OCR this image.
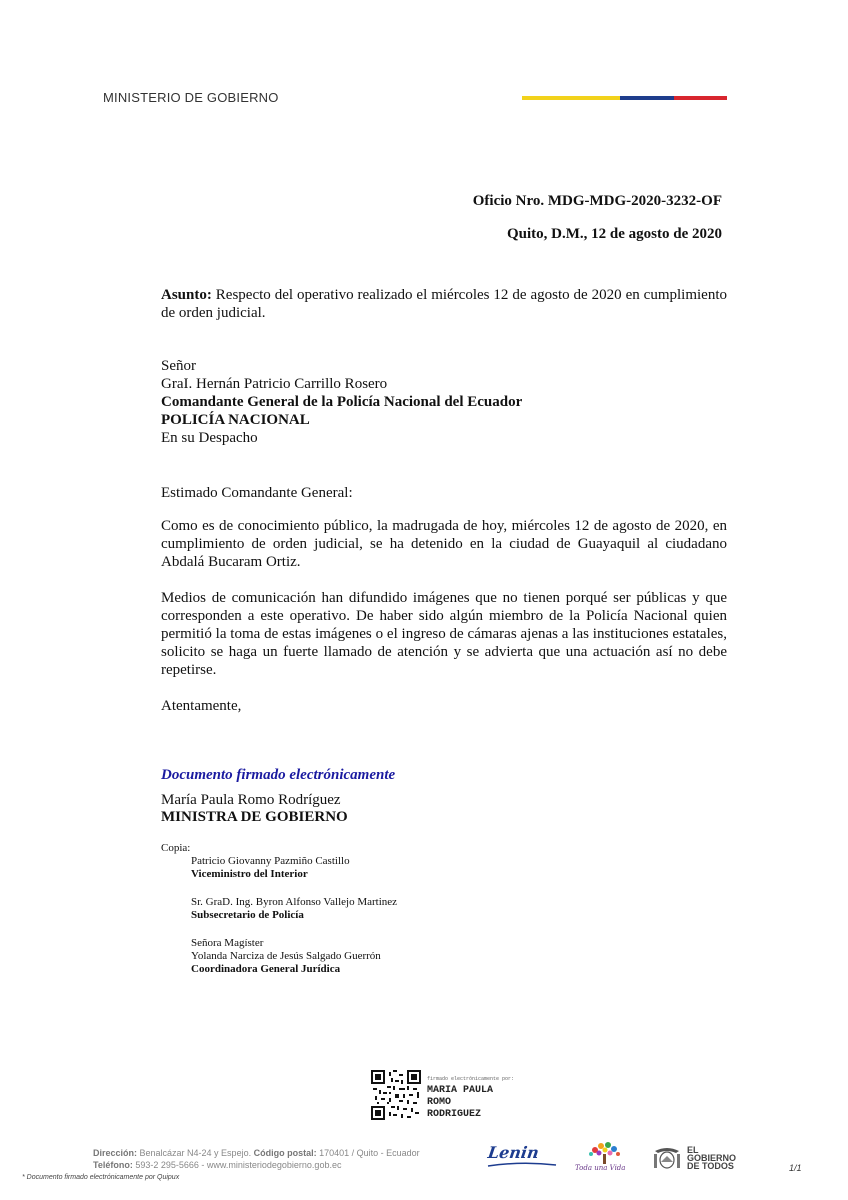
MINISTERIO DE GOBIERNO
Oficio Nro. MDG-MDG-2020-3232-OF
Quito, D.M., 12 de agosto de 2020
Asunto: Respecto del operativo realizado el miércoles 12 de agosto de 2020 en cumplimiento de orden judicial.

Señor

GraI. Hernán Patricio Carrillo Rosero

Comandante General de la Policía Nacional del Ecuador

POLICÍA NACIONAL

En su Despacho

Estimado Comandante General:
Como es de conocimiento público, la madrugada de hoy, miércoles 12 de agosto de 2020, en cumplimiento de orden judicial, se ha detenido en la ciudad de Guayaquil al ciudadano Abdalá Bucaram Ortiz.
Medios de comunicación han difundido imágenes que no tienen porqué ser públicas y que corresponden a este operativo. De haber sido algún miembro de la Policía Nacional quien permitió la toma de estas imágenes o el ingreso de cámaras ajenas a las instituciones estatales, solicito se haga un fuerte llamado de atención y se advierta que una actuación así no debe repetirse.
Atentamente,
Documento firmado electrónicamente
María Paula Romo Rodríguez
MINISTRA DE GOBIERNO
Copia:
Patricio Giovanny Pazmiño Castillo
Viceministro del Interior
Sr. GraD. Ing. Byron Alfonso Vallejo Martinez
Subsecretario de Policía
Señora Magíster
Yolanda Narciza de Jesús Salgado Guerrón
Coordinadora General Jurídica
firmado electrónicamente por:
MARIA PAULA
ROMO
RODRIGUEZ
Dirección: Benalcázar N4-24 y Espejo. Código postal: 170401 / Quito - Ecuador
Teléfono: 593-2 295-5666 - www.ministeriodegobierno.gob.ec
Lenin
Toda una Vida
EL
GOBIERNO
DE TODOS	1/1
* Documento firmado electrónicamente por Quipux
